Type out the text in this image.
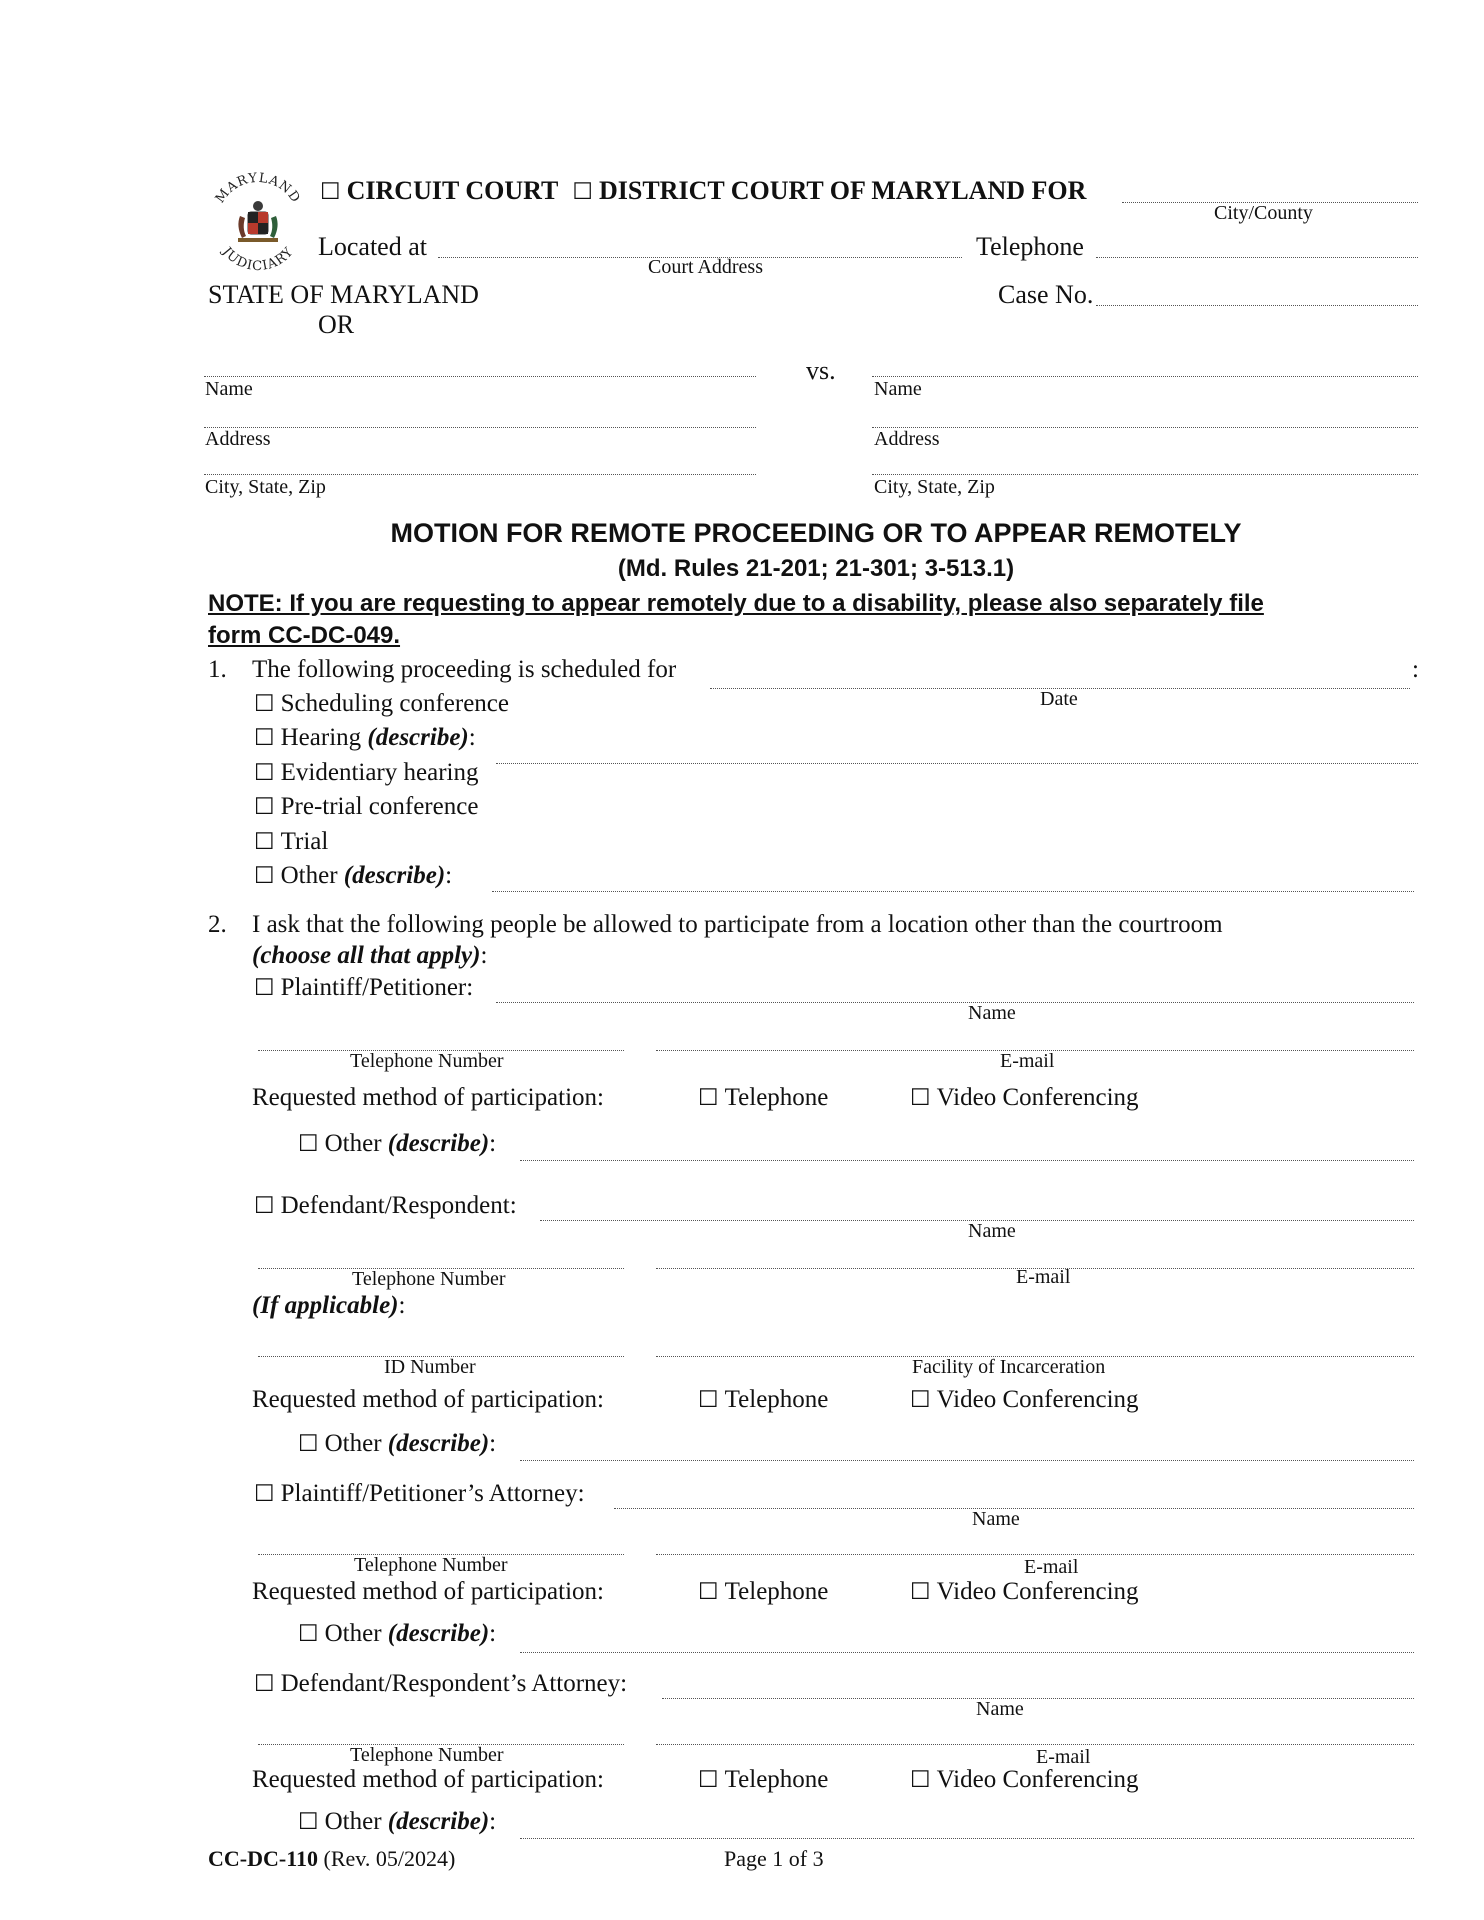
MARYLAND
JUDICIARY
☐ CIRCUIT COURT ☐ DISTRICT COURT OF MARYLAND FOR
City/County
Located at
Court Address
Telephone
STATE OF MARYLAND	Case No.
OR
vs.
Name
Address
City, State, Zip
Name
Address
City, State, Zip
MOTION FOR REMOTE PROCEEDING OR TO APPEAR REMOTELY
(Md. Rules 21-201; 21-301; 3-513.1)
NOTE: If you are requesting to appear remotely due to a disability, please also separately file
form CC-DC-049.
1. The following proceeding is scheduled for	:
Date
☐ Scheduling conference
☐ Hearing (describe):
☐ Evidentiary hearing
☐ Pre-trial conference
☐ Trial
☐ Other (describe):
2. I ask that the following people be allowed to participate from a location other than the courtroom
(choose all that apply):
☐ Plaintiff/Petitioner:
Name
Telephone Number	E-mail
Requested method of participation:	☐ Telephone	☐ Video Conferencing
☐ Other (describe):
☐ Defendant/Respondent:
Name
Telephone Number	E-mail
(If applicable):
ID Number	Facility of Incarceration
Requested method of participation:	☐ Telephone	☐ Video Conferencing
☐ Other (describe):
☐ Plaintiff/Petitioner’s Attorney:
Name
Telephone Number	E-mail
Requested method of participation:	☐ Telephone	☐ Video Conferencing
☐ Other (describe):
☐ Defendant/Respondent’s Attorney:
Name
Telephone Number	E-mail
Requested method of participation:	☐ Telephone	☐ Video Conferencing
☐ Other (describe):
CC-DC-110 (Rev. 05/2024)	Page 1 of 3
